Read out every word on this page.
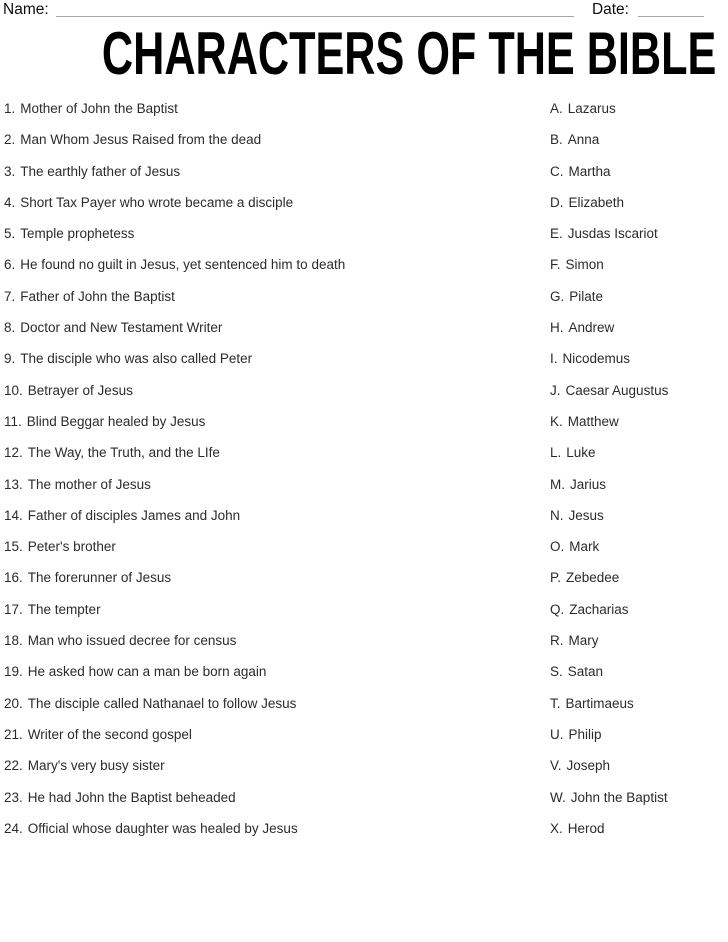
Name:	Date:
CHARACTERS OF THE BIBLE
1. Mother of John the Baptist
2. Man Whom Jesus Raised from the dead
3. The earthly father of Jesus
4. Short Tax Payer who wrote became a disciple
5. Temple prophetess
6. He found no guilt in Jesus, yet sentenced him to death
7. Father of John the Baptist
8. Doctor and New Testament Writer
9. The disciple who was also called Peter
10. Betrayer of Jesus
11. Blind Beggar healed by Jesus
12. The Way, the Truth, and the LIfe
13. The mother of Jesus
14. Father of disciples James and John
15. Peter's brother
16. The forerunner of Jesus
17. The tempter
18. Man who issued decree for census
19. He asked how can a man be born again
20. The disciple called Nathanael to follow Jesus
21. Writer of the second gospel
22. Mary's very busy sister
23. He had John the Baptist beheaded
24. Official whose daughter was healed by Jesus
A. Lazarus
B. Anna
C. Martha
D. Elizabeth
E. Jusdas Iscariot
F. Simon
G. Pilate
H. Andrew
I. Nicodemus
J. Caesar Augustus
K. Matthew
L. Luke
M. Jarius
N. Jesus
O. Mark
P. Zebedee
Q. Zacharias
R. Mary
S. Satan
T. Bartimaeus
U. Philip
V. Joseph
W. John the Baptist
X. Herod
